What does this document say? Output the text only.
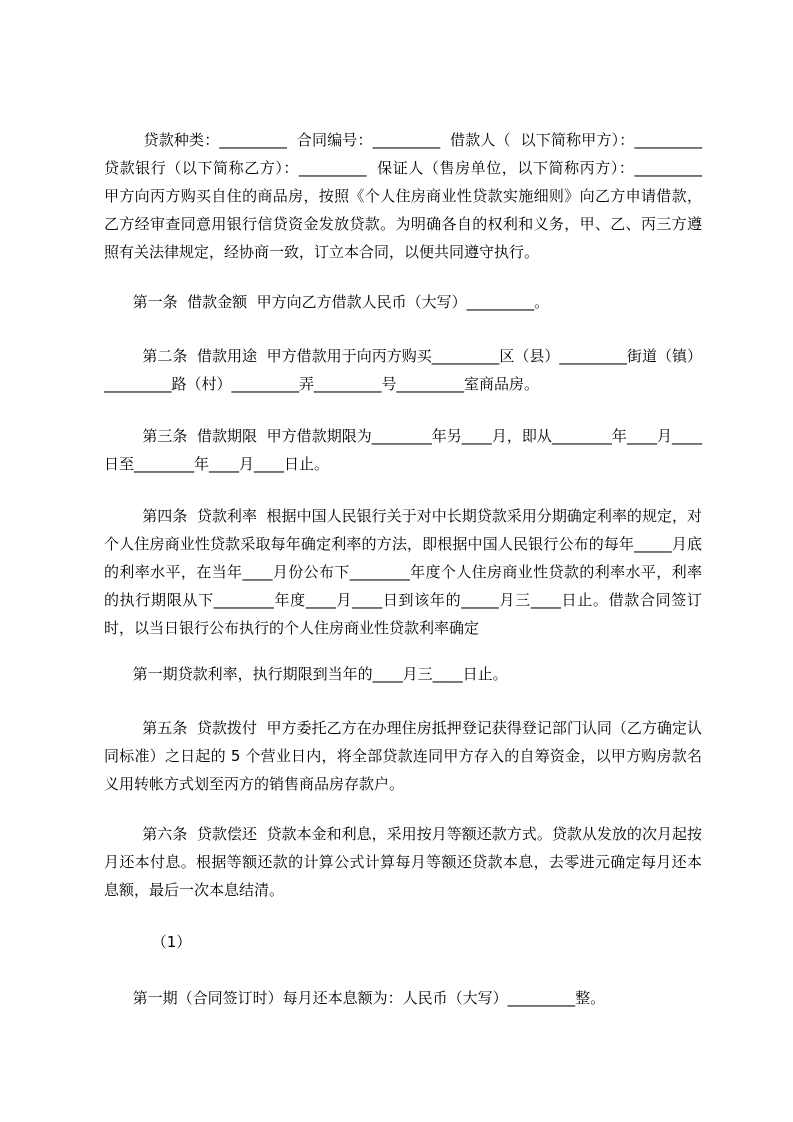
贷款种类：_________  合同编号：_________  借款人（  以下简称甲方）：_________  贷款银行（以下简称乙方）：_________  保证人（售房单位，以下简称丙方）：_________  甲方向丙方购买自住的商品房，按照《个人住房商业性贷款实施细则》向乙方申请借款，乙方经审查同意用银行信贷资金发放贷款。为明确各自的权利和义务，甲、乙、丙三方遵照有关法律规定，经协商一致，订立本合同，以便共同遵守执行。

第一条  借款金额  甲方向乙方借款人民币（大写）_________。

第二条  借款用途  甲方借款用于向丙方购买_________区（县）_________街道（镇）_________路（村）_________弄_________号_________室商品房。

第三条  借款期限  甲方借款期限为________年另____月，即从________年____月____日至________年____月____日止。

第四条  贷款利率  根据中国人民银行关于对中长期贷款采用分期确定利率的规定，对个人住房商业性贷款采取每年确定利率的方法，即根据中国人民银行公布的每年_____月底的利率水平，在当年____月份公布下________年度个人住房商业性贷款的利率水平，利率的执行期限从下________年度____月____日到该年的_____月三____日止。借款合同签订时，以当日银行公布执行的个人住房商业性贷款利率确定

第一期贷款利率，执行期限到当年的____月三____日止。

第五条  贷款拨付  甲方委托乙方在办理住房抵押登记获得登记部门认同（乙方确定认同标准）之日起的 5 个营业日内，将全部贷款连同甲方存入的自筹资金，以甲方购房款名义用转帐方式划至丙方的销售商品房存款户。

第六条  贷款偿还  贷款本金和利息，采用按月等额还款方式。贷款从发放的次月起按月还本付息。根据等额还款的计算公式计算每月等额还贷款本息，去零进元确定每月还本息额，最后一次本息结清。

（1）

第一期（合同签订时）每月还本息额为：人民币（大写）_________整。
